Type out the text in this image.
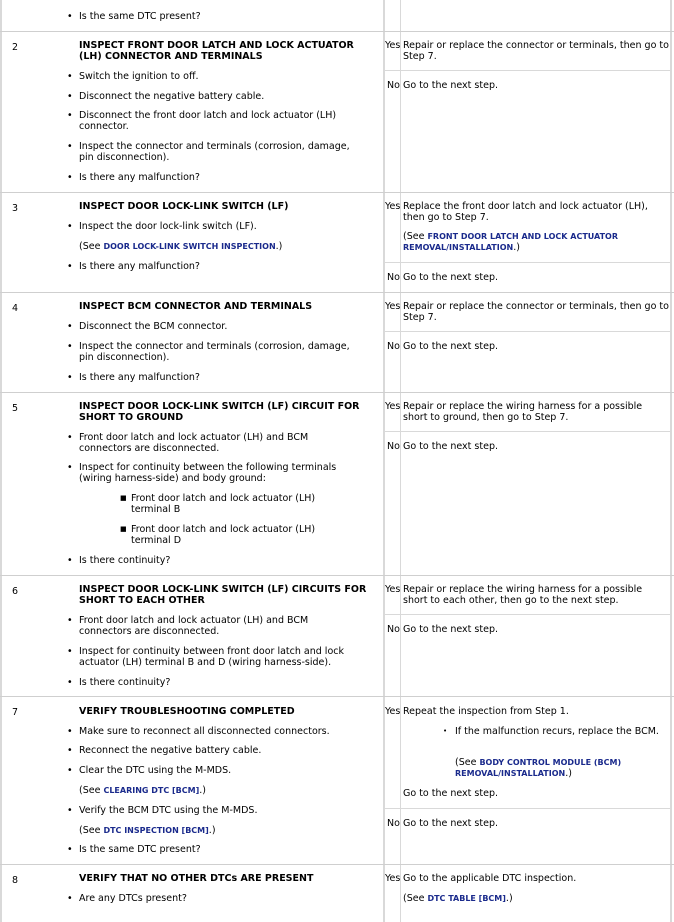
• Is the same DTC present?
2	INSPECT FRONT DOOR LATCH AND LOCK ACTUATOR (LH) CONNECTOR AND TERMINALS
• Switch the ignition to off.
• Disconnect the negative battery cable.
• Disconnect the front door latch and lock actuator (LH) connector.
• Inspect the connector and terminals (corrosion, damage, pin disconnection).
• Is there any malfunction?
Yes Repair or replace the connector or terminals, then go to Step 7.
No Go to the next step.
3	INSPECT DOOR LOCK-LINK SWITCH (LF)
• Inspect the door lock-link switch (LF).
(See DOOR LOCK-LINK SWITCH INSPECTION.)
• Is there any malfunction?
Yes Replace the front door latch and lock actuator (LH), then go to Step 7.
(See FRONT DOOR LATCH AND LOCK ACTUATOR REMOVAL/INSTALLATION.)
No Go to the next step.
4	INSPECT BCM CONNECTOR AND TERMINALS
• Disconnect the BCM connector.
• Inspect the connector and terminals (corrosion, damage, pin disconnection).
• Is there any malfunction?
Yes Repair or replace the connector or terminals, then go to Step 7.
No Go to the next step.
5	INSPECT DOOR LOCK-LINK SWITCH (LF) CIRCUIT FOR SHORT TO GROUND
• Front door latch and lock actuator (LH) and BCM connectors are disconnected.
• Inspect for continuity between the following terminals (wiring harness-side) and body ground:
■ Front door latch and lock actuator (LH) terminal B
■ Front door latch and lock actuator (LH) terminal D
• Is there continuity?
Yes Repair or replace the wiring harness for a possible short to ground, then go to Step 7.
No Go to the next step.
6	INSPECT DOOR LOCK-LINK SWITCH (LF) CIRCUITS FOR SHORT TO EACH OTHER
• Front door latch and lock actuator (LH) and BCM connectors are disconnected.
• Inspect for continuity between front door latch and lock actuator (LH) terminal B and D (wiring harness-side).
• Is there continuity?
Yes Repair or replace the wiring harness for a possible short to each other, then go to the next step.
No Go to the next step.
7	VERIFY TROUBLESHOOTING COMPLETED
• Make sure to reconnect all disconnected connectors.
• Reconnect the negative battery cable.
• Clear the DTC using the M-MDS.
(See CLEARING DTC [BCM].)
• Verify the BCM DTC using the M-MDS.
(See DTC INSPECTION [BCM].)
• Is the same DTC present?
Yes Repeat the inspection from Step 1.
• If the malfunction recurs, replace the BCM.
(See BODY CONTROL MODULE (BCM) REMOVAL/INSTALLATION.)
Go to the next step.
No Go to the next step.
8	VERIFY THAT NO OTHER DTCs ARE PRESENT
• Are any DTCs present?
Yes Go to the applicable DTC inspection.
(See DTC TABLE [BCM].)
